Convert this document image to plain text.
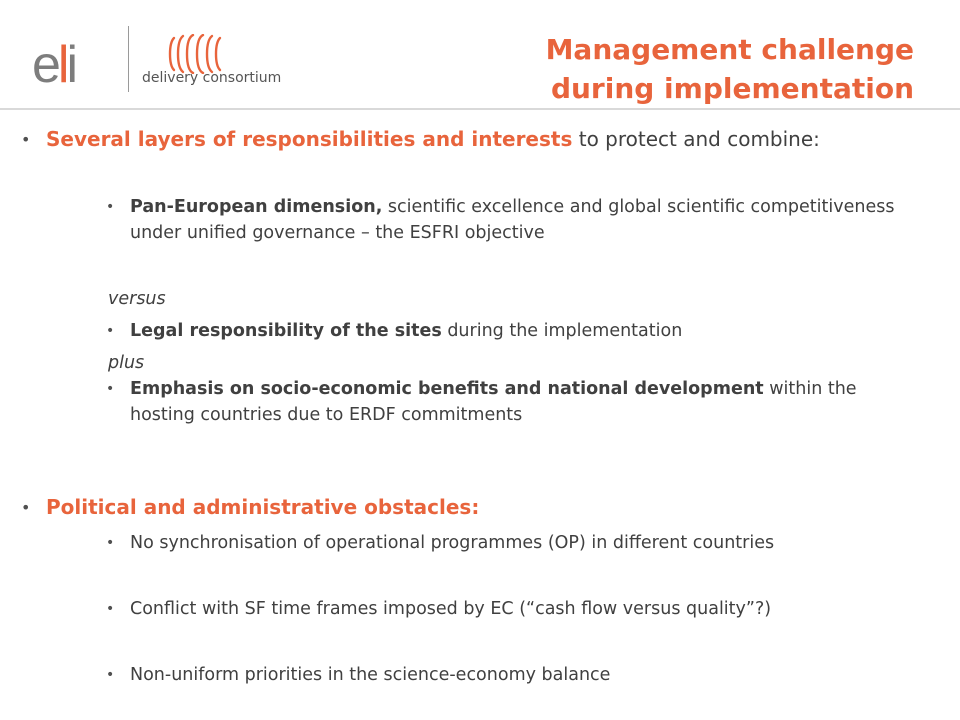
eli	delivery consortium
Management challenge
during implementation
• Several layers of responsibilities and interests to protect and combine:
• Pan-European dimension, scientific excellence and global scientific competitiveness under unified governance – the ESFRI objective
versus
• Legal responsibility of the sites during the implementation
plus
• Emphasis on socio-economic benefits and national development within the hosting countries due to ERDF commitments
• Political and administrative obstacles:
• No synchronisation of operational programmes (OP) in different countries
• Conflict with SF time frames imposed by EC (“cash flow versus quality”?)
• Non-uniform priorities in the science-economy balance
